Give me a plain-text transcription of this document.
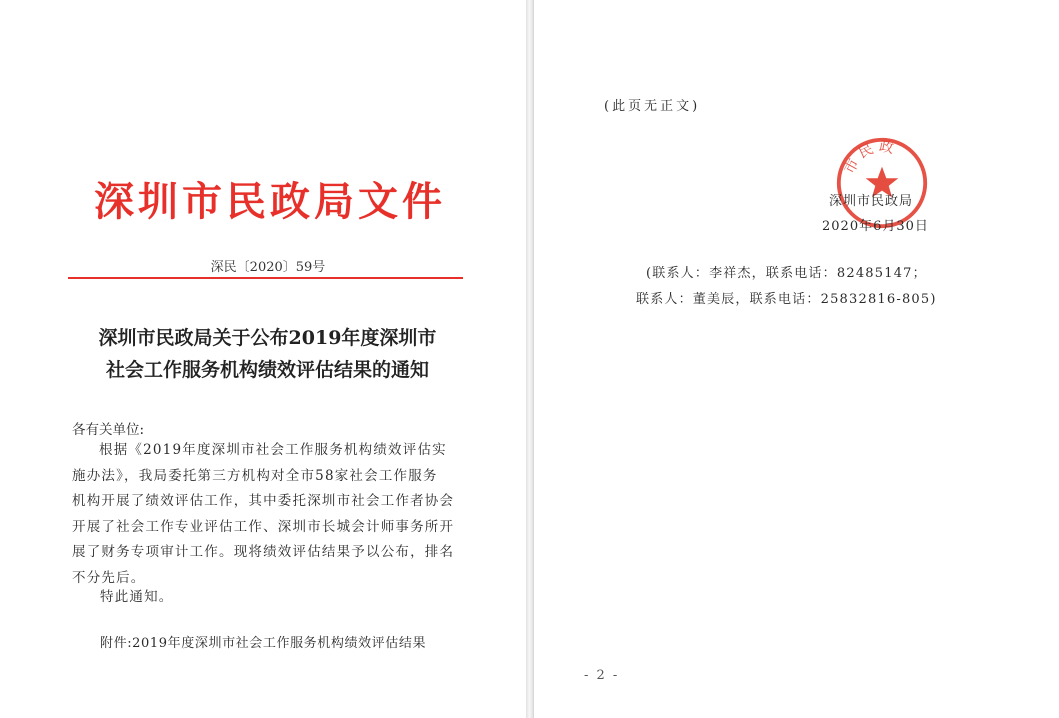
深圳市民政局文件
深民〔2020〕59号
深圳市民政局关于公布2019年度深圳市
社会工作服务机构绩效评估结果的通知
各有关单位:

根据《2019年度深圳市社会工作服务机构绩效评估实

施办法》，我局委托第三方机构对全市58家社会工作服务

机构开展了绩效评估工作，其中委托深圳市社会工作者协会

开展了社会工作专业评估工作、深圳市长城会计师事务所开

展了财务专项审计工作。现将绩效评估结果予以公布，排名

不分先后。

特此通知。
附件:2019年度深圳市社会工作服务机构绩效评估结果
(此页无正文)
市民政
深圳市民政局
2020年6月30日
(联系人：李祥杰，联系电话：82485147；
联系人：董美辰，联系电话：25832816-805)
- 2 -
